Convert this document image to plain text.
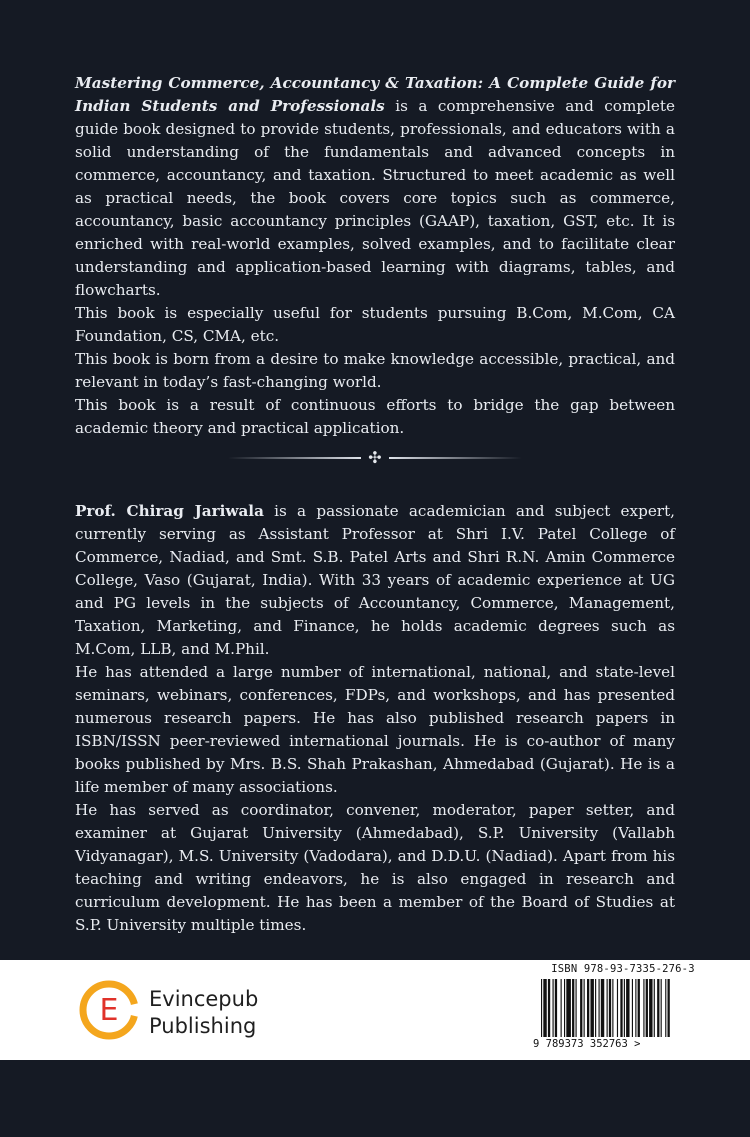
Mastering Commerce, Accountancy & Taxation: A Complete Guide for Indian Students and Professionals is a comprehensive and complete guide book designed to provide students, professionals, and educators with a solid understanding of the fundamentals and advanced concepts in commerce, accountancy, and taxation. Structured to meet academic as well as practical needs, the book covers core topics such as commerce, accountancy, basic accountancy principles (GAAP), taxation, GST, etc. It is enriched with real-world examples, solved examples, and to facilitate clear understanding and application-based learning with diagrams, tables, and flowcharts.

This book is especially useful for students pursuing B.Com, M.Com, CA Foundation, CS, CMA, etc.

This book is born from a desire to make knowledge accessible, practical, and relevant in today’s fast-changing world.

This book is a result of continuous efforts to bridge the gap between academic theory and practical application.

✣

Prof. Chirag Jariwala is a passionate academician and subject expert, currently serving as Assistant Professor at Shri I.V. Patel College of Commerce, Nadiad, and Smt. S.B. Patel Arts and Shri R.N. Amin Commerce College, Vaso (Gujarat, India). With 33 years of academic experience at UG and PG levels in the subjects of Accountancy, Commerce, Management, Taxation, Marketing, and Finance, he holds academic degrees such as M.Com, LLB, and M.Phil.

He has attended a large number of international, national, and state-level seminars, webinars, conferences, FDPs, and workshops, and has presented numerous research papers. He has also published research papers in ISBN/ISSN peer-reviewed international journals. He is co-author of many books published by Mrs. B.S. Shah Prakashan, Ahmedabad (Gujarat). He is a life member of many associations.

He has served as coordinator, convener, moderator, paper setter, and examiner at Gujarat University (Ahmedabad), S.P. University (Vallabh Vidyanagar), M.S. University (Vadodara), and D.D.U. (Nadiad). Apart from his teaching and writing endeavors, he is also engaged in research and curriculum development. He has been a member of the Board of Studies at S.P. University multiple times.

E Evincepub
Publishing
ISBN 978-93-7335-276-3
9 789373 352763 >
